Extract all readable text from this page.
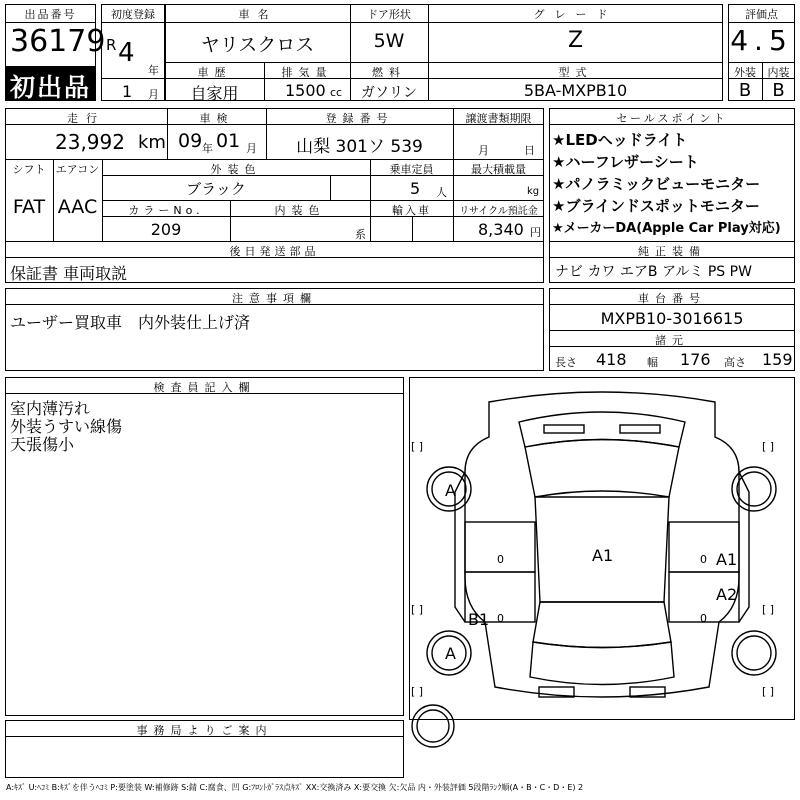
出品番号
36179
初出品
初度登録
R 4
年
1 月
車名
ヤリスクロス
ドア形状
5W
グレード
Z
車歴
自家用
排気量
1500 cc
燃料
ガソリン
型式
5BA-MXPB10
評価点
4.5
外装	内装
B	B
走行
23,992 km
車検
09 年 01 月
登録番号
山梨 301ソ 539
譲渡書類期限
月	日
シフト
FAT
エアコン
AAC
外装色
ブラック
乗車定員
5 人
最大積載量
kg
カラーNo.
209
内装色
系
輸入車	リサイクル預託金
8,340 円
後日発送部品
保証書 車両取説
セールスポイント
★LEDヘッドライト
★ハーフレザーシート
★パノラミックビューモニター
★ブラインドスポットモニター
★メーカーDA(Apple Car Play対応)
純正装備
ナビ カワ エアB アルミ PS PW
注意事項欄
ユーザー買取車　内外装仕上げ済
車台番号
MXPB10-3016615
諸元
長さ 418 幅 176 高さ 159
検査員記入欄
室内薄汚れ
外装うすい線傷
天張傷小
A
A
A1	A1
A2
B1
[ ]	[ ]
[ ]	[ ]
[ ]	[ ]
0	0
0	0
事務局よりご案内
A:ｷｽﾞ U:ﾍｺﾐ B:ｷｽﾞを伴うﾍｺﾐ P:要塗装 W:補修跡 S:錆 C:腐食、凹 G:ﾌﾛﾝﾄｶﾞﾗｽ点ｷｽﾞ XX:交換済み X:要交換 欠:欠品 内・外装評価 5段階ﾗﾝｸ順(A・B・C・D・E) 2
